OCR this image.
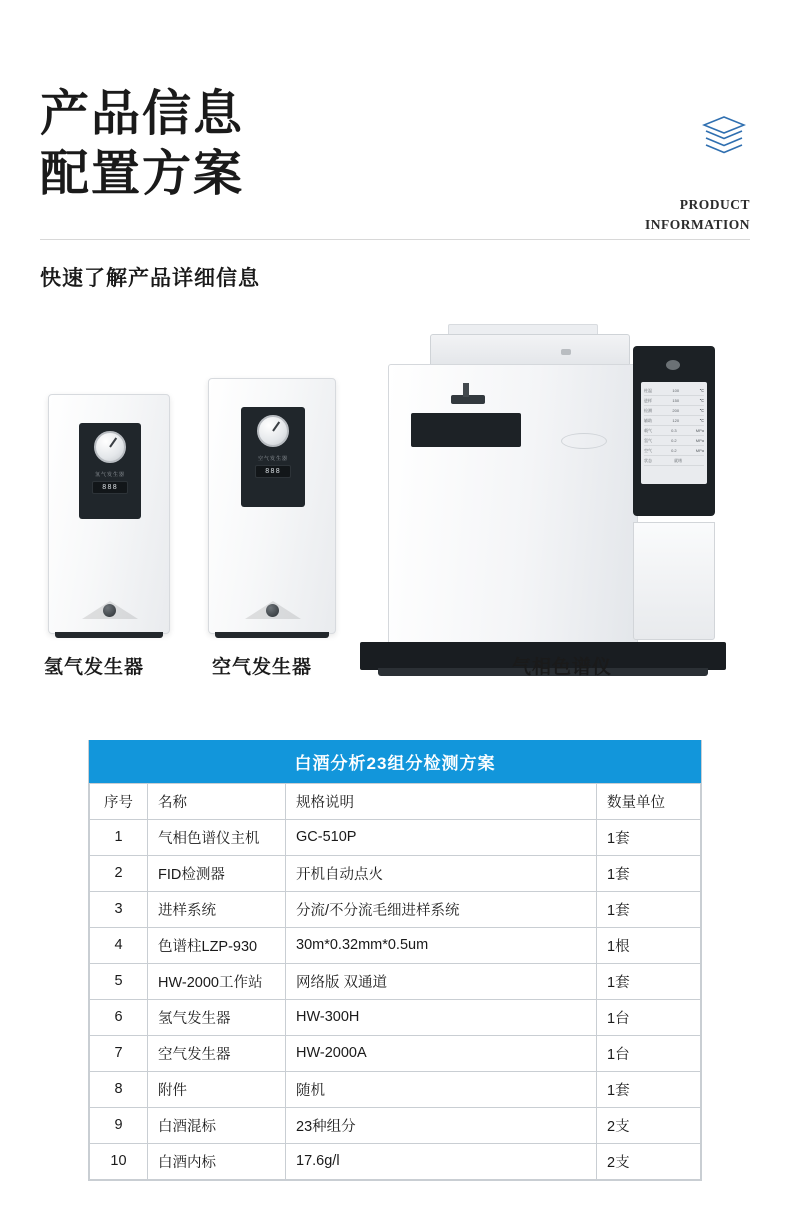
产品信息
配置方案
PRODUCT
INFORMATION
快速了解产品详细信息
氢气发生器
888
空气发生器
888
柱温	100	℃
进样	150	℃
检测	200	℃
辅助	120	℃
载气	0.3	MPa
氢气	0.2	MPa
空气	0.2	MPa
状态	就绪
氢气发生器	空气发生器	气相色谱仪
白酒分析23组分检测方案
序号	名称	规格说明	数量单位
1	气相色谱仪主机	GC-510P	1套
2	FID检测器	开机自动点火	1套
3	进样系统	分流/不分流毛细进样系统	1套
4	色谱柱LZP-930	30m*0.32mm*0.5um	1根
5	HW-2000工作站	网络版 双通道	1套
6	氢气发生器	HW-300H	1台
7	空气发生器	HW-2000A	1台
8	附件	随机	1套
9	白酒混标	23种组分	2支
10	白酒内标	17.6g/l	2支
